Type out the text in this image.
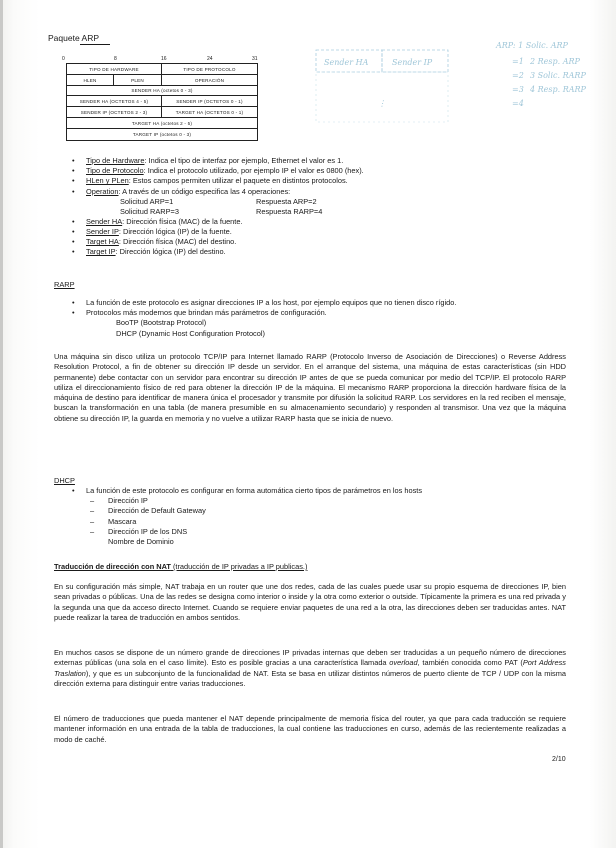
Paquete ARP
0	8	16	24	31
TIPO DE HARDWARE	TIPO DE PROTOCOLO
HLEN	PLEN	OPERACIÓN
SENDER HA (octetos 0 - 3)
SENDER HA (OCTETOS 4 - 5)	SENDER IP (OCTETOS 0 - 1)
SENDER IP (OCTETOS 2 - 3)	TARGET HA (OCTETOS 0 - 1)
TARGET HA (octetos 2 - 5)
TARGET IP (octetos 0 - 3)
Sender HA	Sender IP
⋮
ARP: 1 Solic. ARP
2 Resp. ARP
3 Solic. RARP
4 Resp. RARP
=1
=2
=3
=4
• Tipo de Hardware: Indica el tipo de interfaz por ejemplo, Ethernet el valor es 1.
• Tipo de Protocolo: Indica el protocolo utilizado, por ejemplo IP el valor es 0800 (hex).
• HLen y PLen: Estos campos permiten utilizar el paquete en distintos protocolos.
• Operation: A través de un código especifica las 4 operaciones:
Solicitud ARP=1	Respuesta ARP=2
Solicitud RARP=3	Respuesta RARP=4
• Sender HA: Dirección física (MAC) de la fuente.
• Sender IP: Dirección lógica (IP) de la fuente.
• Target HA: Dirección física (MAC) del destino.
• Target IP: Dirección lógica (IP) del destino.
RARP
• La función de este protocolo es asignar direcciones IP a los host, por ejemplo equipos que no tienen disco rígido.
• Protocolos más modernos que brindan más parámetros de configuración.
BooTP (Bootstrap Protocol)
DHCP (Dynamic Host Configuration Protocol)
Una máquina sin disco utiliza un protocolo TCP/IP para Internet llamado RARP (Protocolo Inverso de Asociación de Direcciones) o Reverse Address Resolution Protocol, a fin de obtener su dirección IP desde un servidor. En el arranque del sistema, una máquina de estas características (sin HDD permanente) debe contactar con un servidor para encontrar su dirección IP antes de que se pueda comunicar por medio del TCP/IP. El protocolo RARP utiliza el direccionamiento físico de red para obtener la dirección IP de la máquina. El mecanismo RARP proporciona la dirección hardware física de la máquina de destino para identificar de manera única el procesador y transmite por difusión la solicitud RARP. Los servidores en la red reciben el mensaje, buscan la transformación en una tabla (de manera presumible en su almacenamiento secundario) y responden al transmisor. Una vez que la máquina obtiene su dirección IP, la guarda en memoria y no vuelve a utilizar RARP hasta que se inicia de nuevo.
DHCP
• La función de este protocolo es configurar en forma automática cierto tipos de parámetros en los hosts
– Dirección IP
– Dirección de Default Gateway
– Mascara
– Dirección IP de los DNS
Nombre de Dominio
Traducción de dirección con NAT (traducción de IP privadas a IP publicas.)
En su configuración más simple, NAT trabaja en un router que une dos redes, cada de las cuales puede usar su propio esquema de direcciones IP, bien sean privadas o públicas. Una de las redes se designa como interior o inside y la otra como exterior o outside. Típicamente la primera es una red privada y la segunda una que da acceso directo Internet. Cuando se requiere enviar paquetes de una red a la otra, las direcciones deben ser traducidas antes. NAT puede realizar la tarea de traducción en ambos sentidos.
En muchos casos se dispone de un número grande de direcciones IP privadas internas que deben ser traducidas a un pequeño número de direcciones externas públicas (una sola en el caso límite). Esto es posible gracias a una característica llamada overload, también conocida como PAT (Port Address Traslation), y que es un subconjunto de la funcionalidad de NAT. Esta se basa en utilizar distintos números de puerto cliente de TCP / UDP con la misma dirección externa para distinguir entre varias traducciones.
El número de traducciones que pueda mantener el NAT depende principalmente de memoria física del router, ya que para cada traducción se requiere mantener información en una entrada de la tabla de traducciones, la cual contiene las traducciones en curso, además de las recientemente realizadas a modo de caché.
2/10
